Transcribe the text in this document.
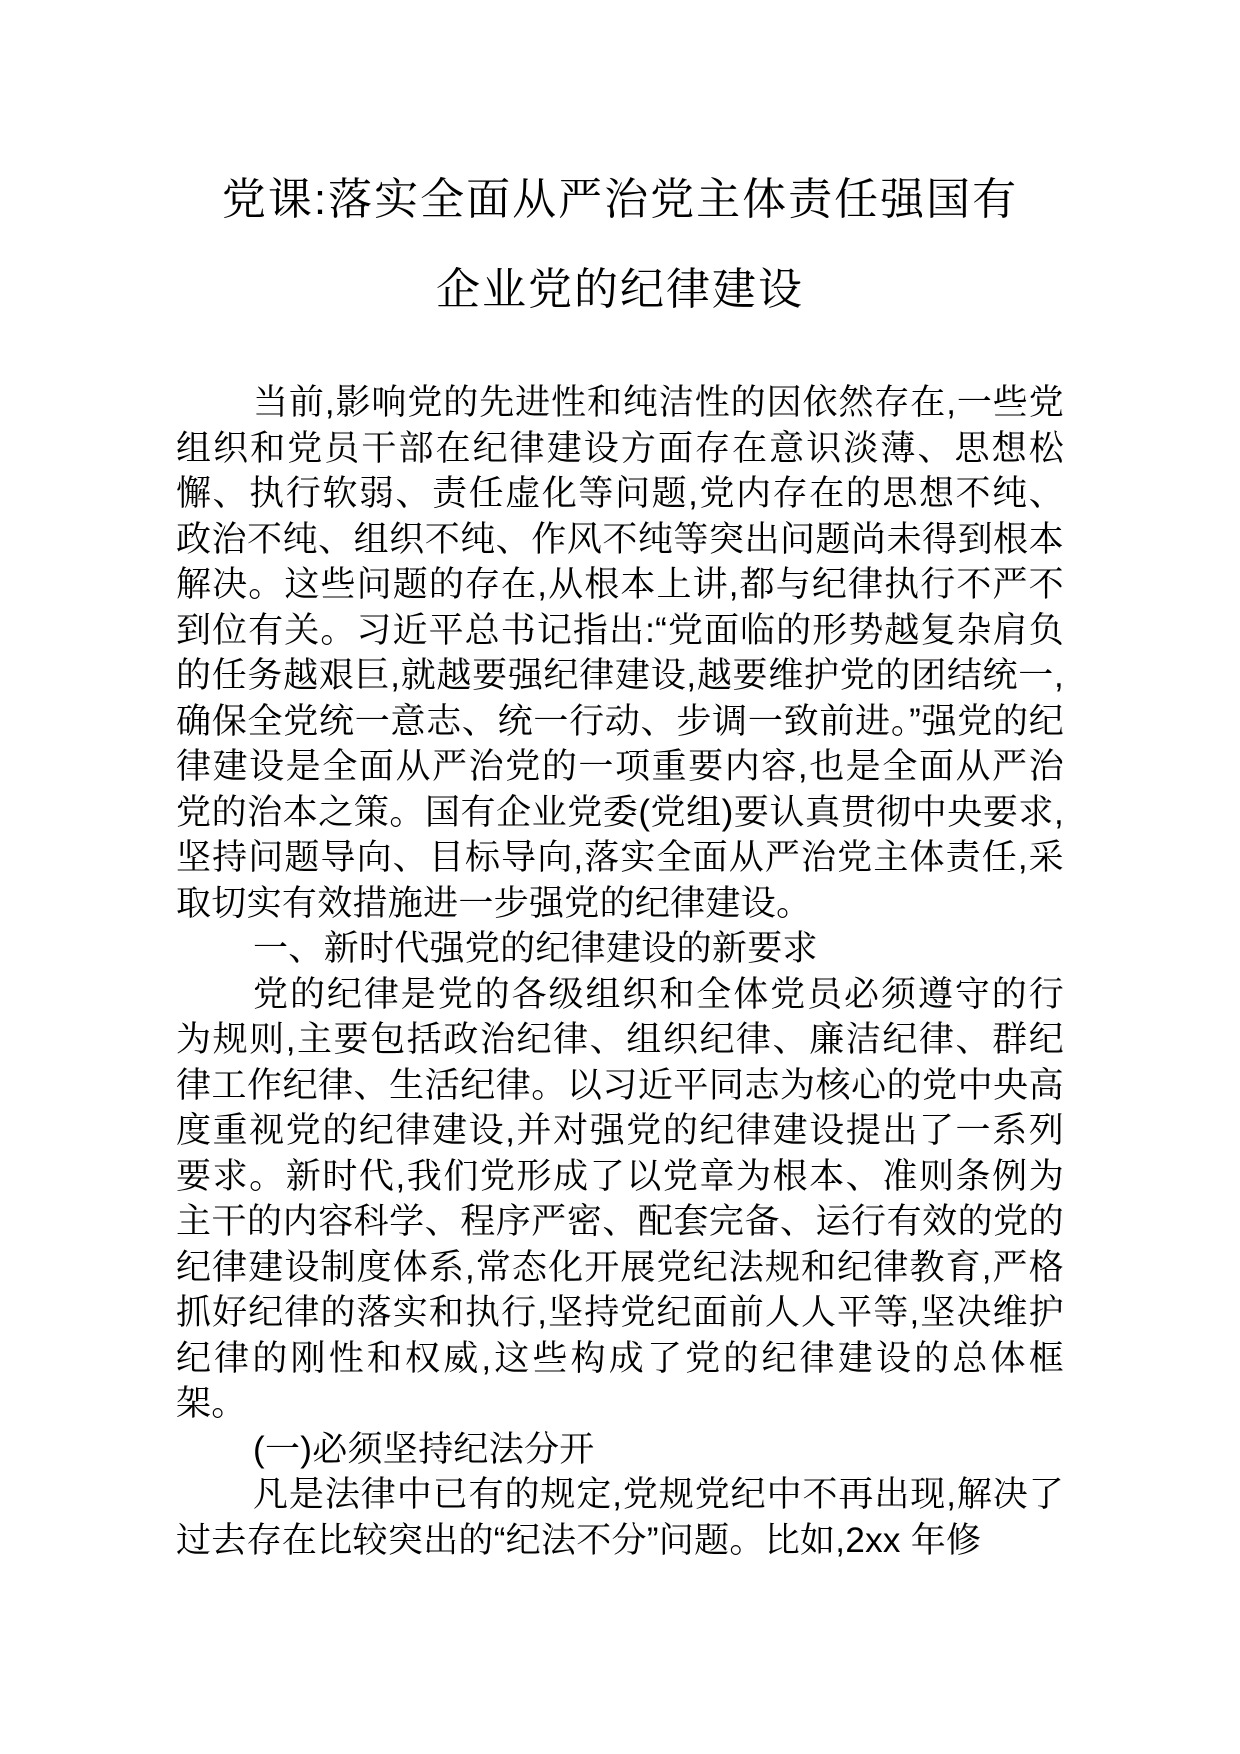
党课:落实全面从严治党主体责任强国有
企业党的纪律建设

当前,影响党的先进性和纯洁性的因依然存在,一些党组织和党员干部在纪律建设方面存在意识淡薄、思想松懈、执行软弱、责任虚化等问题,党内存在的思想不纯、政治不纯、组织不纯、作风不纯等突出问题尚未得到根本解决。这些问题的存在,从根本上讲,都与纪律执行不严不到位有关。习近平总书记指出:“党面临的形势越复杂肩负的任务越艰巨,就越要强纪律建设,越要维护党的团结统一,确保全党统一意志、统一行动、步调一致前进。”强党的纪律建设是全面从严治党的一项重要内容,也是全面从严治党的治本之策。国有企业党委(党组)要认真贯彻中央要求,坚持问题导向、目标导向,落实全面从严治党主体责任,采取切实有效措施进一步强党的纪律建设。

一、新时代强党的纪律建设的新要求

党的纪律是党的各级组织和全体党员必须遵守的行为规则,主要包括政治纪律、组织纪律、廉洁纪律、群纪律工作纪律、生活纪律。以习近平同志为核心的党中央高度重视党的纪律建设,并对强党的纪律建设提出了一系列要求。新时代,我们党形成了以党章为根本、准则条例为主干的内容科学、程序严密、配套完备、运行有效的党的纪律建设制度体系,常态化开展党纪法规和纪律教育,严格抓好纪律的落实和执行,坚持党纪面前人人平等,坚决维护纪律的刚性和权威,这些构成了党的纪律建设的总体框架。

(一)必须坚持纪法分开

凡是法律中已有的规定,党规党纪中不再出现,解决了过去存在比较突出的“纪法不分”问题。比如,2xx 年修
